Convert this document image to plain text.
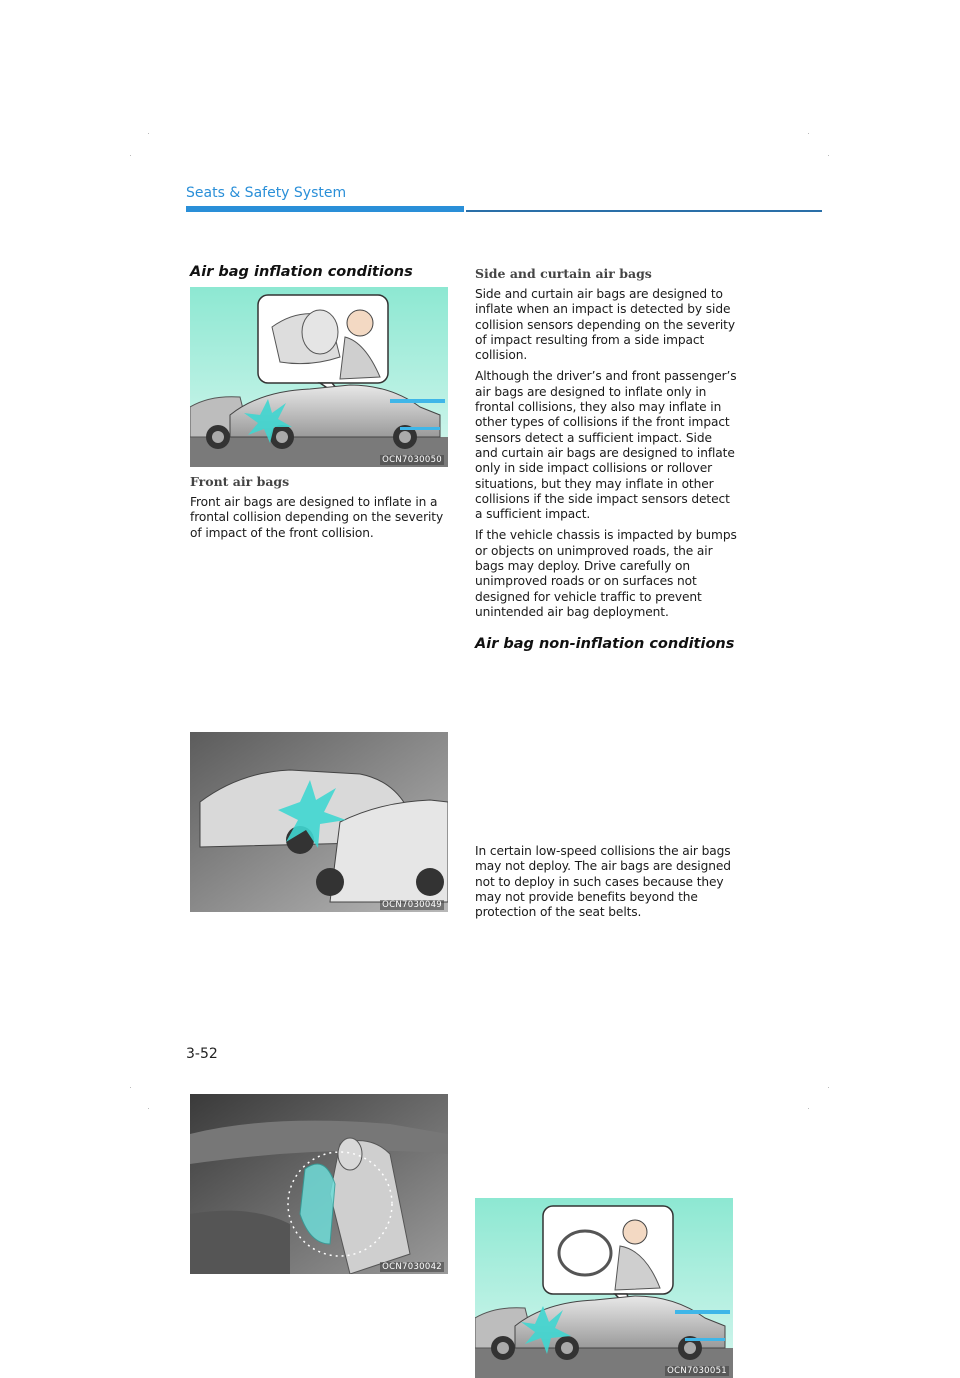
Seats & Safety System
Air bag inflation conditions
OCN7030050
Front air bags

Front air bags are designed to inflate in a frontal collision depending on the severity of impact of the front collision.

OCN7030049
OCN7030042
Side and curtain air bags

Side and curtain air bags are designed to inflate when an impact is detected by side collision sensors depending on the severity of impact resulting from a side impact collision.

Although the driver’s and front passenger’s air bags are designed to inflate only in frontal collisions, they also may inflate in other types of collisions if the front impact sensors detect a sufficient impact. Side and curtain air bags are designed to inflate only in side impact collisions or rollover situations, but they may inflate in other collisions if the side impact sensors detect a sufficient impact.

If the vehicle chassis is impacted by bumps or objects on unimproved roads, the air bags may deploy. Drive carefully on unimproved roads or on surfaces not designed for vehicle traffic to prevent unintended air bag deployment.

Air bag non-inflation conditions
OCN7030051

In certain low-speed collisions the air bags may not deploy. The air bags are designed not to deploy in such cases because they may not provide benefits beyond the protection of the seat belts.

3-52
